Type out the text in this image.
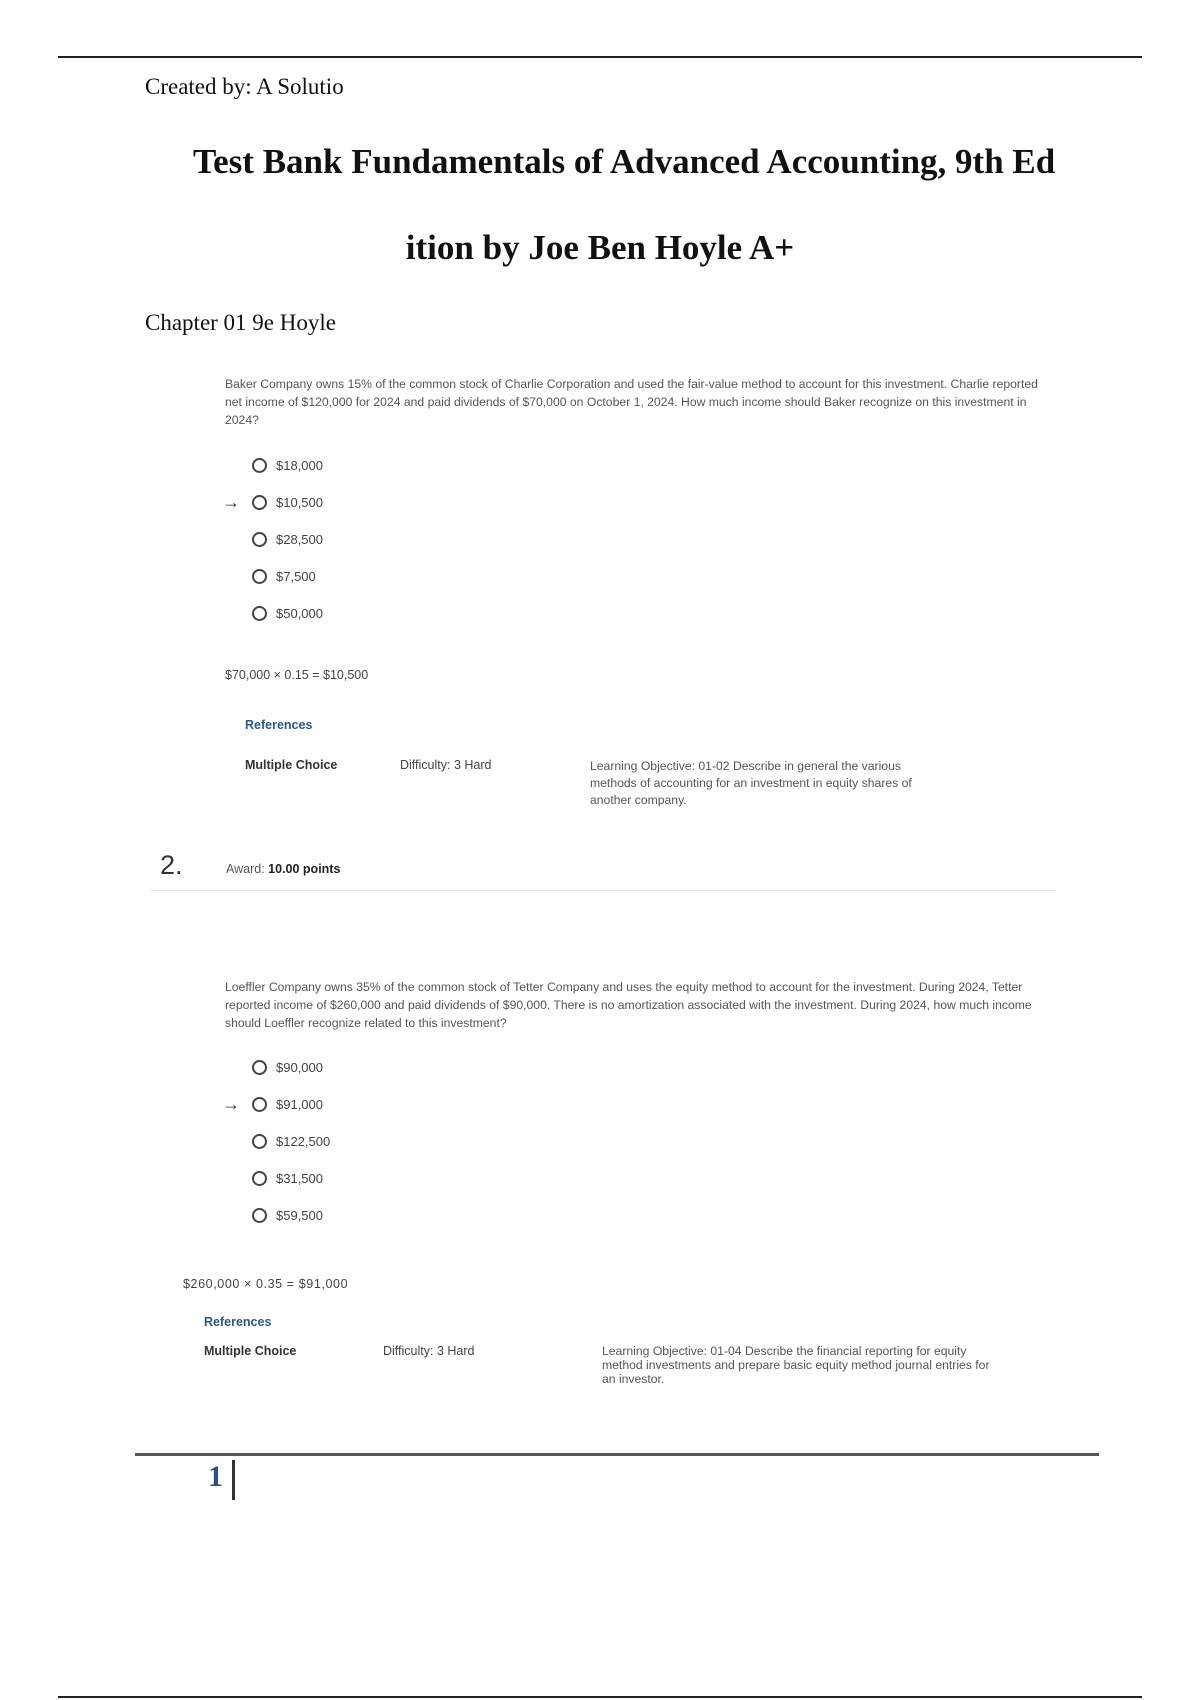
Created by: A Solutio
Test Bank Fundamentals of Advanced Accounting, 9th Ed
ition by Joe Ben Hoyle A+
Chapter 01 9e Hoyle
Baker Company owns 15% of the common stock of Charlie Corporation and used the fair-value method to account for this investment. Charlie reported net income of $120,000 for 2024 and paid dividends of $70,000 on October 1, 2024. How much income should Baker recognize on this investment in 2024?
$18,000
→	$10,500
$28,500
$7,500
$50,000
$70,000 × 0.15 = $10,500
References
Multiple Choice	Difficulty: 3 Hard	Learning Objective: 01-02 Describe in general the various methods of accounting for an investment in equity shares of another company.
2.	Award: 10.00 points
Loeffler Company owns 35% of the common stock of Tetter Company and uses the equity method to account for the investment. During 2024, Tetter reported income of $260,000 and paid dividends of $90,000. There is no amortization associated with the investment. During 2024, how much income should Loeffler recognize related to this investment?
$90,000
→	$91,000
$122,500
$31,500
$59,500
$260,000 × 0.35 = $91,000
References
Multiple Choice	Difficulty: 3 Hard	Learning Objective: 01-04 Describe the financial reporting for equity method investments and prepare basic equity method journal entries for an investor.
1
